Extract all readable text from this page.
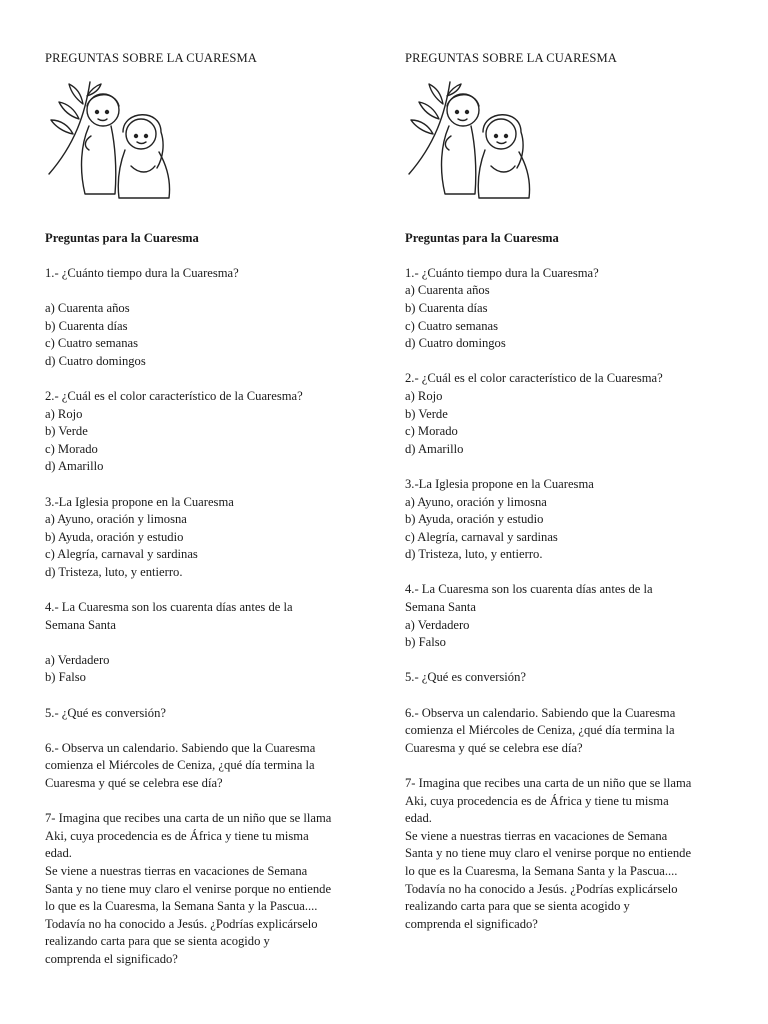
PREGUNTAS SOBRE LA CUARESMA
Preguntas para la Cuaresma
1.- ¿Cuánto tiempo dura la Cuaresma?
a) Cuarenta años
b) Cuarenta días
c) Cuatro semanas
d) Cuatro domingos
2.- ¿Cuál es el color característico de la Cuaresma?
a) Rojo
b) Verde
c) Morado
d) Amarillo
3.-La Iglesia propone en la Cuaresma
a) Ayuno, oración y limosna
b) Ayuda, oración y estudio
c) Alegría, carnaval y sardinas
d) Tristeza, luto, y entierro.
4.- La Cuaresma son los cuarenta días antes de la
Semana Santa
a) Verdadero
b) Falso
5.- ¿Qué es conversión?
6.- Observa un calendario. Sabiendo que la Cuaresma
comienza el Miércoles de Ceniza, ¿qué día termina la
Cuaresma y qué se celebra ese día?
7- Imagina que recibes una carta de un niño que se llama
Aki, cuya procedencia es de África y tiene tu misma
edad.
Se viene a nuestras tierras en vacaciones de Semana
Santa y no tiene muy claro el venirse porque no entiende
lo que es la Cuaresma, la Semana Santa y la Pascua....
Todavía no ha conocido a Jesús. ¿Podrías explicárselo
realizando carta para que se sienta acogido y
comprenda el significado?
PREGUNTAS SOBRE LA CUARESMA
Preguntas para la Cuaresma
1.- ¿Cuánto tiempo dura la Cuaresma?
a) Cuarenta años
b) Cuarenta días
c) Cuatro semanas
d) Cuatro domingos
2.- ¿Cuál es el color característico de la Cuaresma?
a) Rojo
b) Verde
c) Morado
d) Amarillo
3.-La Iglesia propone en la Cuaresma
a) Ayuno, oración y limosna
b) Ayuda, oración y estudio
c) Alegría, carnaval y sardinas
d) Tristeza, luto, y entierro.
4.- La Cuaresma son los cuarenta días antes de la
Semana Santa
a) Verdadero
b) Falso
5.- ¿Qué es conversión?
6.- Observa un calendario. Sabiendo que la Cuaresma
comienza el Miércoles de Ceniza, ¿qué día termina la
Cuaresma y qué se celebra ese día?
7- Imagina que recibes una carta de un niño que se llama
Aki, cuya procedencia es de África y tiene tu misma
edad.
Se viene a nuestras tierras en vacaciones de Semana
Santa y no tiene muy claro el venirse porque no entiende
lo que es la Cuaresma, la Semana Santa y la Pascua....
Todavía no ha conocido a Jesús. ¿Podrías explicárselo
realizando carta para que se sienta acogido y
comprenda el significado?
